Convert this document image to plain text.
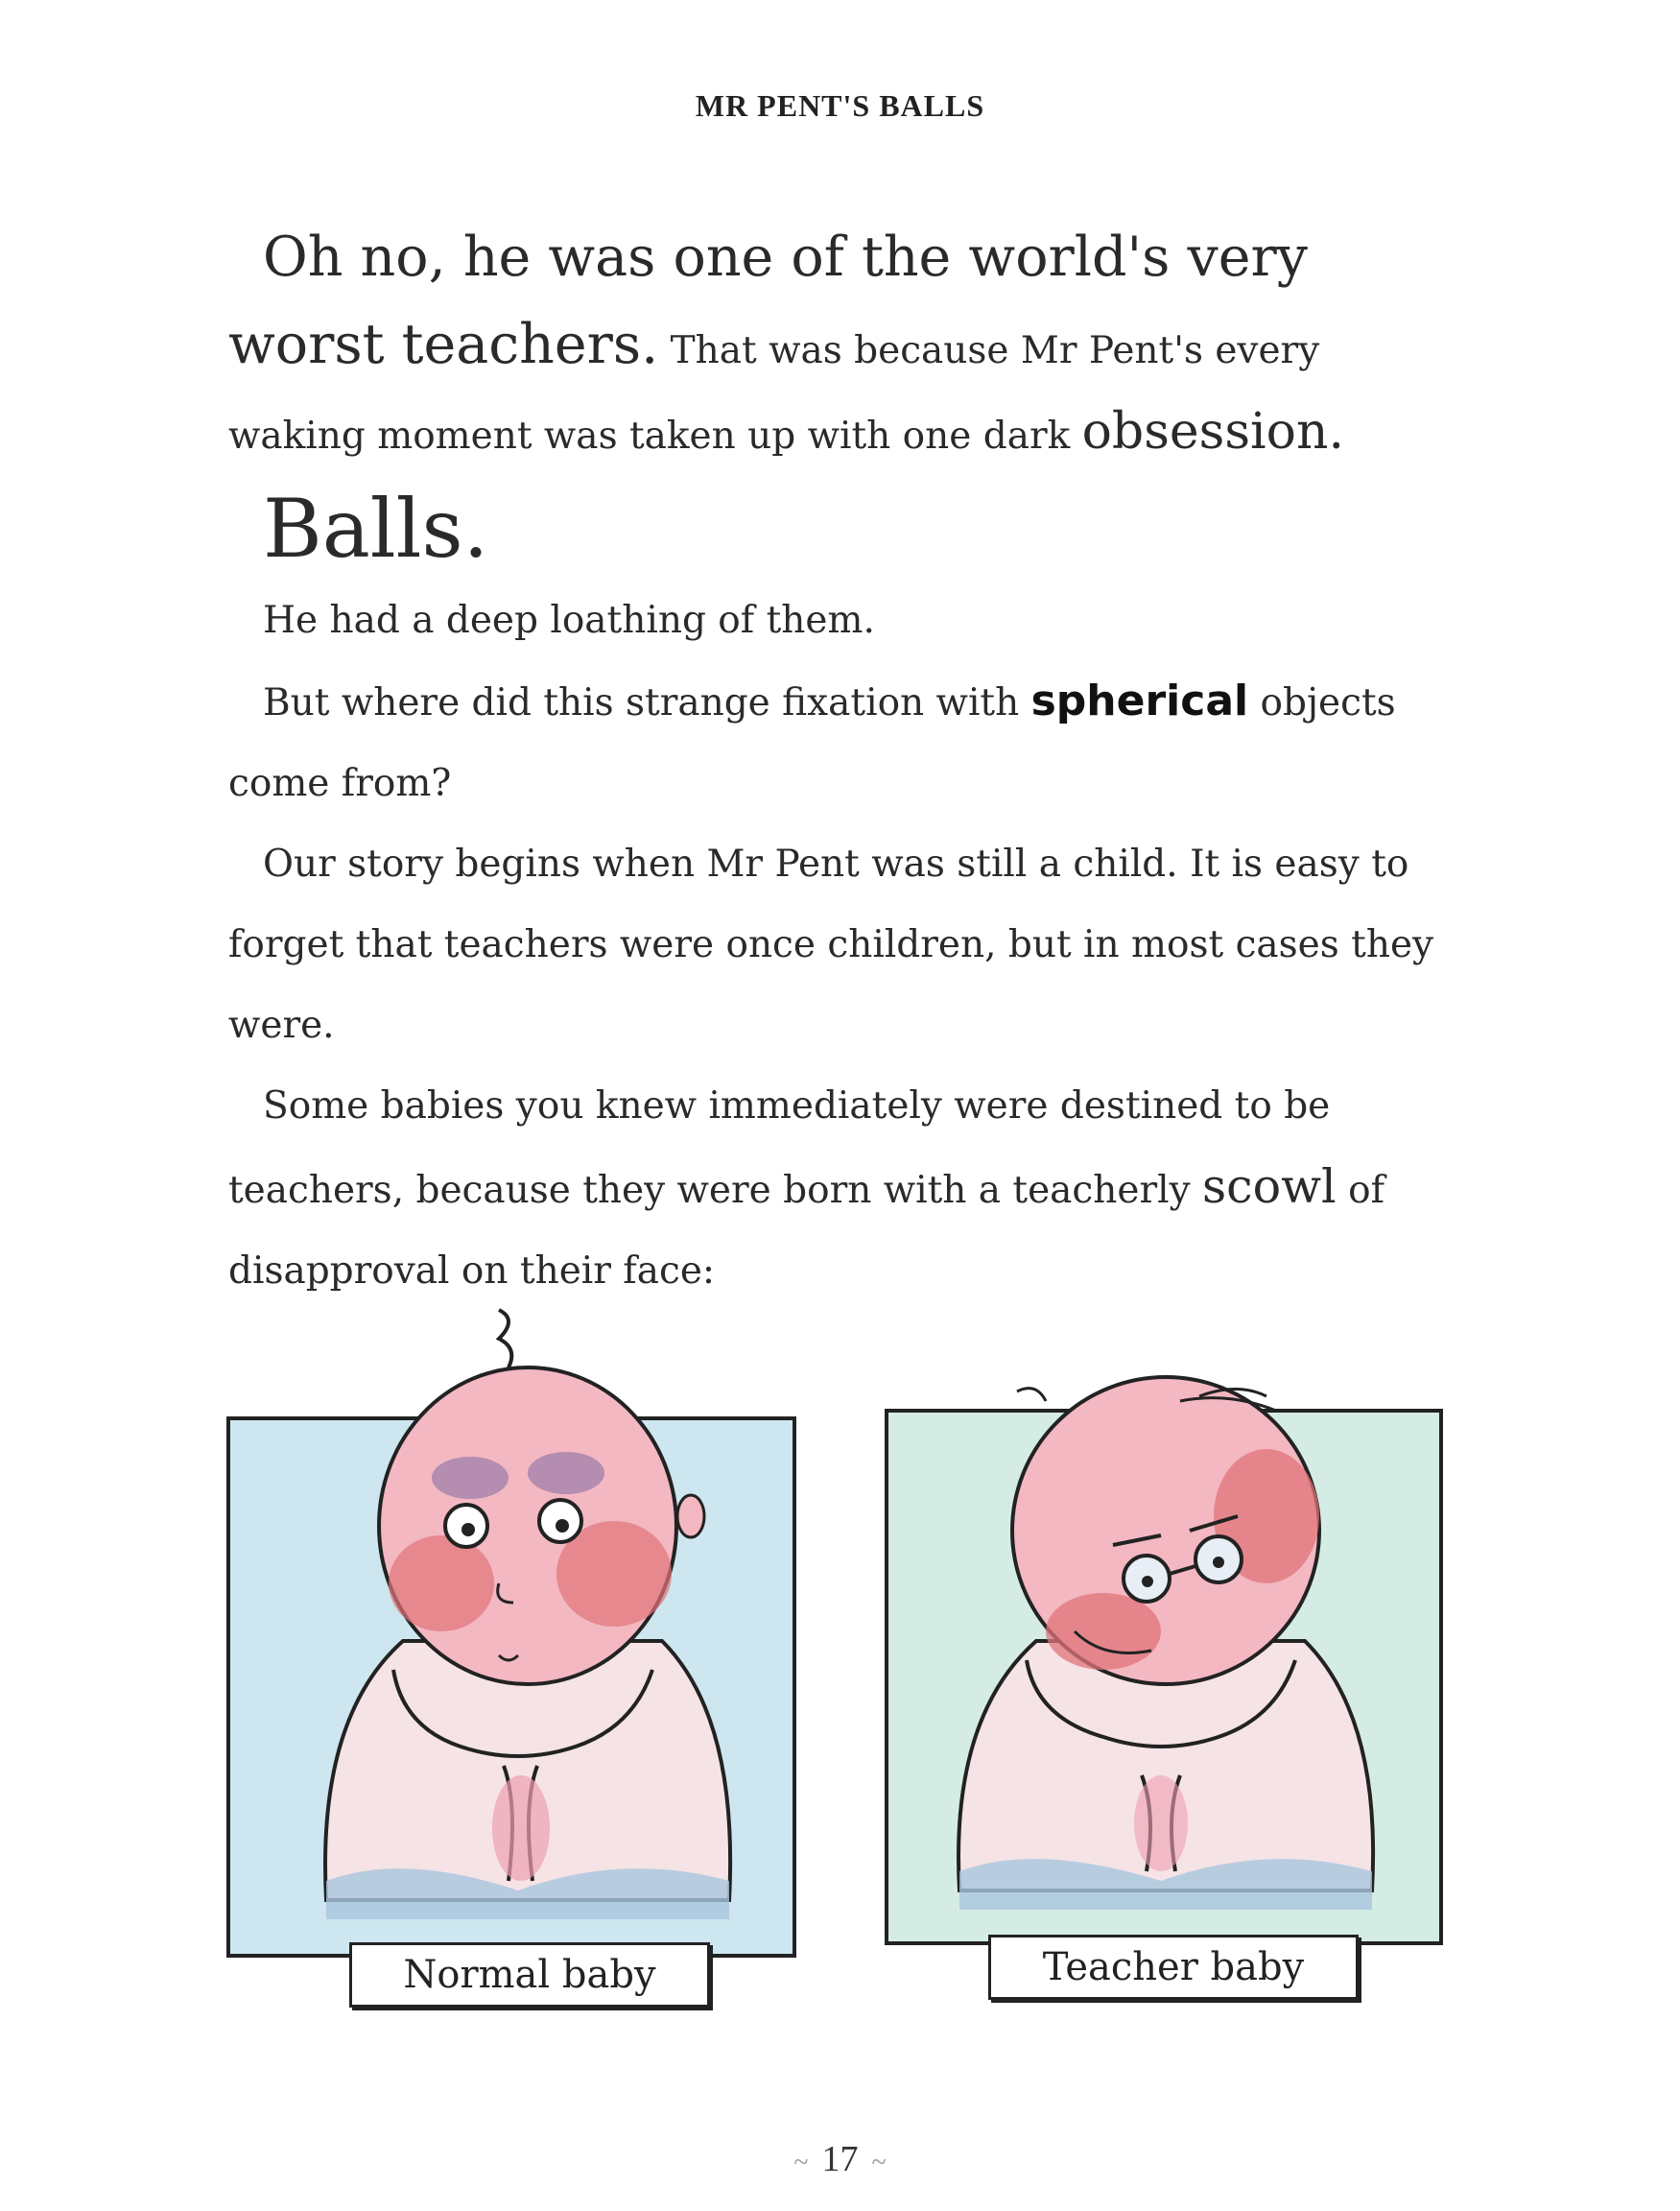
MR PENT'S BALLS

Oh no, he was one of the world's very worst teachers. That was because Mr Pent's every waking moment was taken up with one dark obsession.

Balls.

He had a deep loathing of them.

But where did this strange fixation with spherical objects come from?

Our story begins when Mr Pent was still a child. It is easy to forget that teachers were once children, but in most cases they were.

Some babies you knew immediately were destined to be teachers, because they were born with a teacherly scowl of disapproval on their face:

Normal baby	Teacher baby
~ 17 ~
